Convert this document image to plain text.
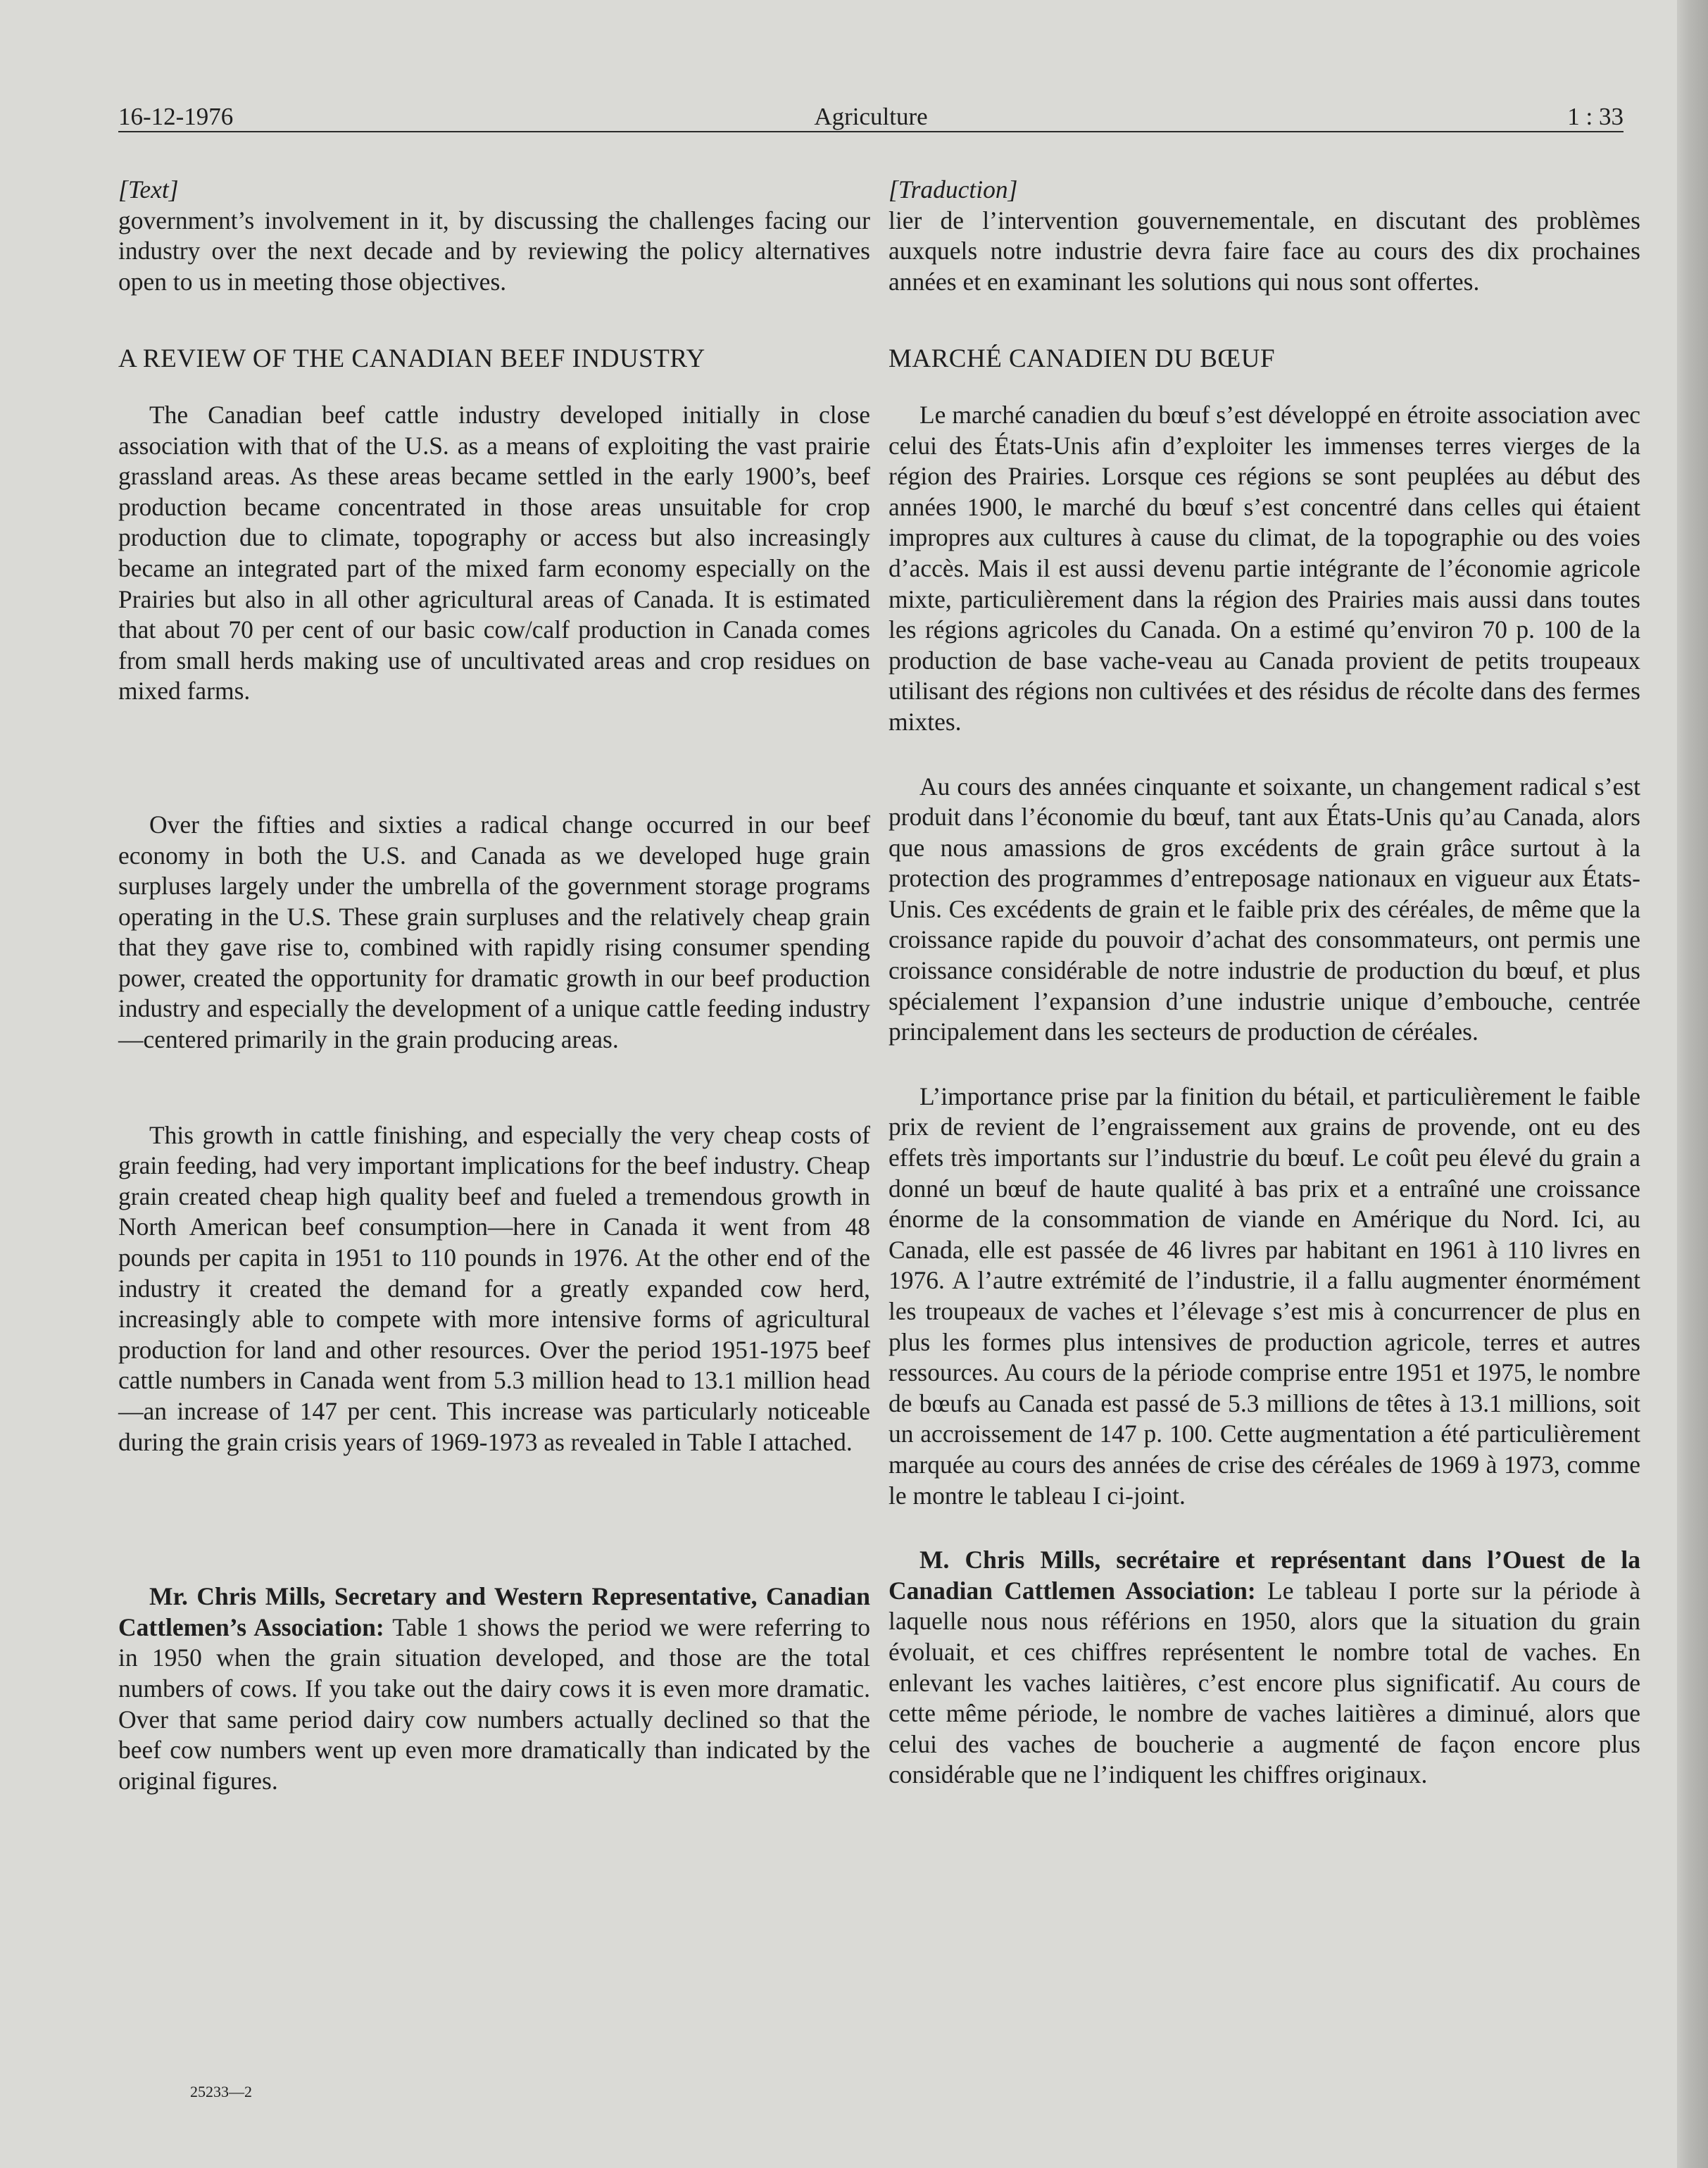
16-12-1976	Agriculture	1 : 33

[Text]

government’s involvement in it, by discussing the challenges facing our industry over the next decade and by reviewing the policy alternatives open to us in meeting those objectives.

A REVIEW OF THE CANADIAN BEEF INDUSTRY

The Canadian beef cattle industry developed initially in close association with that of the U.S. as a means of exploiting the vast prairie grassland areas. As these areas became settled in the early 1900’s, beef production became concentrated in those areas unsuitable for crop production due to climate, topography or access but also increasingly became an integrated part of the mixed farm economy especially on the Prairies but also in all other agricultural areas of Canada. It is estimated that about 70 per cent of our basic cow/calf production in Canada comes from small herds making use of uncultivated areas and crop residues on mixed farms.

Over the fifties and sixties a radical change occurred in our beef economy in both the U.S. and Canada as we developed huge grain surpluses largely under the umbrella of the government storage programs operating in the U.S. These grain surpluses and the relatively cheap grain that they gave rise to, combined with rapidly rising consumer spending power, created the opportunity for dramatic growth in our beef production industry and especially the development of a unique cattle feeding industry—centered primarily in the grain producing areas.

This growth in cattle finishing, and especially the very cheap costs of grain feeding, had very important implications for the beef industry. Cheap grain created cheap high quality beef and fueled a tremendous growth in North American beef consumption—here in Canada it went from 48 pounds per capita in 1951 to 110 pounds in 1976. At the other end of the industry it created the demand for a greatly expanded cow herd, increasingly able to compete with more intensive forms of agricultural production for land and other resources. Over the period 1951-1975 beef cattle numbers in Canada went from 5.3 million head to 13.1 million head—an increase of 147 per cent. This increase was particularly noticeable during the grain crisis years of 1969-1973 as revealed in Table I attached.

Mr. Chris Mills, Secretary and Western Representative, Canadian Cattlemen’s Association: Table 1 shows the period we were referring to in 1950 when the grain situation developed, and those are the total numbers of cows. If you take out the dairy cows it is even more dramatic. Over that same period dairy cow numbers actually declined so that the beef cow numbers went up even more dramatically than indicated by the original figures.

[Traduction]

lier de l’intervention gouvernementale, en discutant des problèmes auxquels notre industrie devra faire face au cours des dix prochaines années et en examinant les solutions qui nous sont offertes.

MARCHÉ CANADIEN DU BŒUF

Le marché canadien du bœuf s’est développé en étroite association avec celui des États-Unis afin d’exploiter les immenses terres vierges de la région des Prairies. Lorsque ces régions se sont peuplées au début des années 1900, le marché du bœuf s’est concentré dans celles qui étaient impropres aux cultures à cause du climat, de la topographie ou des voies d’accès. Mais il est aussi devenu partie intégrante de l’économie agricole mixte, particulièrement dans la région des Prairies mais aussi dans toutes les régions agricoles du Canada. On a estimé qu’environ 70 p. 100 de la production de base vache-veau au Canada provient de petits troupeaux utilisant des régions non cultivées et des résidus de récolte dans des fermes mixtes.

Au cours des années cinquante et soixante, un changement radical s’est produit dans l’économie du bœuf, tant aux États-Unis qu’au Canada, alors que nous amassions de gros excédents de grain grâce surtout à la protection des programmes d’entreposage nationaux en vigueur aux États-Unis. Ces excédents de grain et le faible prix des céréales, de même que la croissance rapide du pouvoir d’achat des consommateurs, ont permis une croissance considérable de notre industrie de production du bœuf, et plus spécialement l’expansion d’une industrie unique d’embouche, centrée principalement dans les secteurs de production de céréales.

L’importance prise par la finition du bétail, et particulièrement le faible prix de revient de l’engraissement aux grains de provende, ont eu des effets très importants sur l’industrie du bœuf. Le coût peu élevé du grain a donné un bœuf de haute qualité à bas prix et a entraîné une croissance énorme de la consommation de viande en Amérique du Nord. Ici, au Canada, elle est passée de 46 livres par habitant en 1961 à 110 livres en 1976. A l’autre extrémité de l’industrie, il a fallu augmenter énormément les troupeaux de vaches et l’élevage s’est mis à concurrencer de plus en plus les formes plus intensives de production agricole, terres et autres ressources. Au cours de la période comprise entre 1951 et 1975, le nombre de bœufs au Canada est passé de 5.3 millions de têtes à 13.1 millions, soit un accroissement de 147 p. 100. Cette augmentation a été particulièrement marquée au cours des années de crise des céréales de 1969 à 1973, comme le montre le tableau I ci-joint.

M. Chris Mills, secrétaire et représentant dans l’Ouest de la Canadian Cattlemen Association: Le tableau I porte sur la période à laquelle nous nous référions en 1950, alors que la situation du grain évoluait, et ces chiffres représentent le nombre total de vaches. En enlevant les vaches laitières, c’est encore plus significatif. Au cours de cette même période, le nombre de vaches laitières a diminué, alors que celui des vaches de boucherie a augmenté de façon encore plus considérable que ne l’indiquent les chiffres originaux.

25233—2
